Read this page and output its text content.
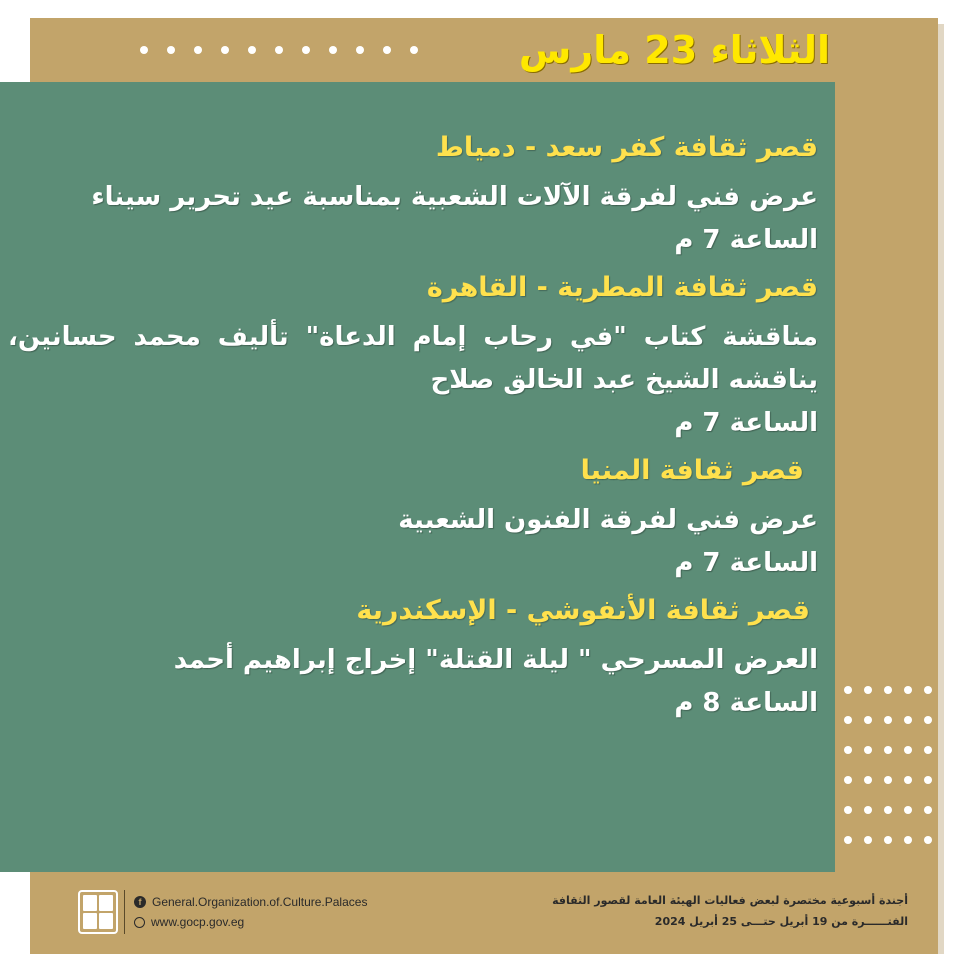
الثلاثاء 23 مارس
قصر ثقافة كفر سعد - دمياط
عرض فني لفرقة الآلات الشعبية بمناسبة عيد تحرير سيناء
الساعة 7 م
قصر ثقافة المطرية - القاهرة
مناقشة كتاب "في رحاب إمام الدعاة" تأليف محمد حسانين، يناقشه الشيخ عبد الخالق صلاح
الساعة 7 م
قصر ثقافة المنيا
عرض فني لفرقة الفنون الشعبية
الساعة 7 م
قصر ثقافة الأنفوشي - الإسكندرية
العرض المسرحي " ليلة القتلة" إخراج إبراهيم أحمد
الساعة 8 م
f General.Organization.of.Culture.Palaces
www.gocp.gov.eg
أجندة أسبوعية مختصرة لبعض فعاليات الهيئة العامة لقصور الثقافة
الفتــــــرة من 19 أبريل حتـــى 25 أبريل 2024
